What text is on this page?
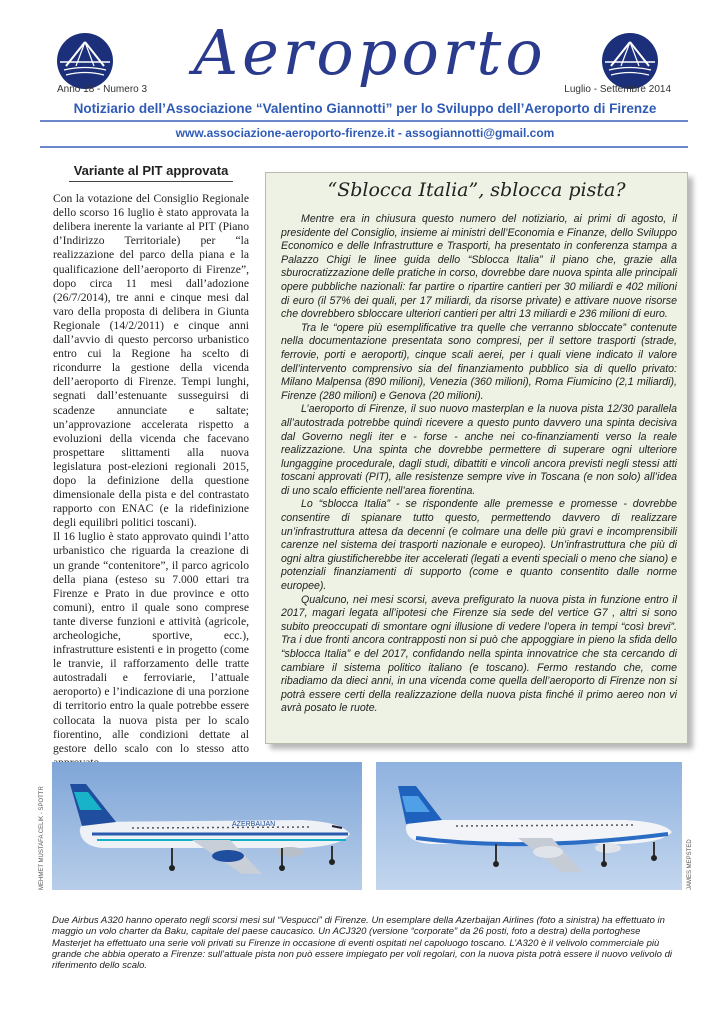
Aeroporto
Anno 18 - Numero 3	Luglio - Settembre 2014
Notiziario dell’Associazione “Valentino Giannotti” per lo Sviluppo dell’Aeroporto di Firenze
www.associazione-aeroporto-firenze.it - assogiannotti@gmail.com
Variante al PIT approvata

Con la votazione del Consiglio Regionale dello scorso 16 luglio è stato approvata la delibera inerente la variante al PIT (Piano d’Indirizzo Territoriale) per “la realizzazione del parco della piana e la qualificazione dell’aeroporto di Firenze”, dopo circa 11 mesi dall’adozione (26/7/2014), tre anni e cinque mesi dal varo della proposta di delibera in Giunta Regionale (14/2/2011) e cinque anni dall’avvio di questo percorso urbanistico entro cui la Regione ha scelto di ricondurre la gestione della vicenda dell’aeroporto di Firenze. Tempi lunghi, segnati dall’estenuante susseguirsi di scadenze annunciate e saltate; un’approvazione accelerata rispetto a evoluzioni della vicenda che facevano prospettare slittamenti alla nuova legislatura post-elezioni regionali 2015, dopo la definizione della questione dimensionale della pista e del contrastato rapporto con ENAC (e la ridefinizione degli equilibri politici toscani).

Il 16 luglio è stato approvato quindi l’atto urbanistico che riguarda la creazione di un grande “contenitore”, il parco agricolo della piana (esteso su 7.000 ettari tra Firenze e Prato in due province e otto comuni), entro il quale sono comprese tante diverse funzioni e attività (agricole, archeologiche, sportive, ecc.), infrastrutture esistenti e in progetto (come le tranvie, il rafforzamento delle tratte autostradali e ferroviarie, l’attuale aeroporto) e l’indicazione di una porzione di territorio entro la quale potrebbe essere collocata la nuova pista per lo scalo fiorentino, alle condizioni dettate al gestore dello scalo con lo stesso atto

“Sblocca Italia”, sblocca pista?

Mentre era in chiusura questo numero del notiziario, ai primi di agosto, il presidente del Consiglio, insieme ai ministri dell’Economia e Finanze, dello Sviluppo Economico e delle Infrastrutture e Trasporti, ha presentato in conferenza stampa a Palazzo Chigi le linee guida dello “Sblocca Italia” il piano che, grazie alla sburocratizzazione delle pratiche in corso, dovrebbe dare nuova spinta alle principali opere pubbliche nazionali: far partire o ripartire cantieri per 30 miliardi e 402 milioni di euro (il 57% dei quali, per 17 miliardi, da risorse private) e attivare nuove risorse che dovrebbero sbloccare ulteriori cantieri per altri 13 miliardi e 236 milioni di euro.

Tra le “opere più esemplificative tra quelle che verranno sbloccate” contenute nella documentazione presentata sono compresi, per il settore trasporti (strade, ferrovie, porti e aeroporti), cinque scali aerei, per i quali viene indicato il valore dell’intervento comprensivo sia del finanziamento pubblico sia di quello privato: Milano Malpensa (890 milioni), Venezia (360 milioni), Roma Fiumicino (2,1 miliardi), Firenze (280 milioni) e Genova (20 milioni).

L’aeroporto di Firenze, il suo nuovo masterplan e la nuova pista 12/30 parallela all’autostrada potrebbe quindi ricevere a questo punto davvero una spinta decisiva dal Governo negli iter e - forse - anche nei co-finanziamenti verso la reale realizzazione. Una spinta che dovrebbe permettere di superare ogni ulteriore lungaggine procedurale, dagli studi, dibattiti e vincoli ancora previsti negli stessi atti toscani approvati (PIT), alle resistenze sempre vive in Toscana (e non solo) all’idea di uno scalo efficiente nell’area fiorentina.

Lo “sblocca Italia” - se rispondente alle premesse e promesse - dovrebbe consentire di spianare tutto questo, permettendo davvero di realizzare un’infrastruttura attesa da decenni (e colmare una delle più gravi e incomprensibili carenze nel sistema dei trasporti nazionale e europeo). Un’infrastruttura che più di ogni altra giustificherebbe iter accelerati (legati a eventi speciali o meno che siano) e potenziali finanziamenti di supporto (come e quanto consentito dalle norme europee).

Qualcuno, nei mesi scorsi, aveva prefigurato la nuova pista in funzione entro il 2017, magari legata all’ipotesi che Firenze sia sede del vertice G7 , altri si sono subito preoccupati di smontare ogni illusione di vedere l’opera in tempi “così brevi”. Tra i due fronti ancora contrapposti non si può che appoggiare in pieno la sfida dello “sblocca Italia” e del 2017, confidando nella spinta innovatrice che sta cercando di cambiare il sistema politico italiano (e toscano). Fermo restando che, come ribadiamo da dieci anni, in una vicenda come quella dell’aeroporto di Firenze non si potrà essere certi della realizzazione della nuova pista finché il primo aereo non vi avrà posato le ruote.

AZERBAIJAN
MEHMET MUSTAFA CELIK - SPOTTR	JAMES MEPSTED
Due Airbus A320 hanno operato negli scorsi mesi sul “Vespucci” di Firenze. Un esemplare della Azerbaijan Airlines (foto a sinistra) ha effettuato in maggio un volo charter da Baku, capitale del paese caucasico. Un ACJ320 (versione “corporate” da 26 posti, foto a destra) della portoghese Masterjet ha effettuato una serie voli privati su Firenze in occasione di eventi ospitati nel capoluogo toscano. L’A320 è il velivolo commerciale più grande che abbia operato a Firenze: sull’attuale pista non può essere impiegato per voli regolari, con la nuova pista potrà essere il nuovo velivolo di riferimento dello scalo.
